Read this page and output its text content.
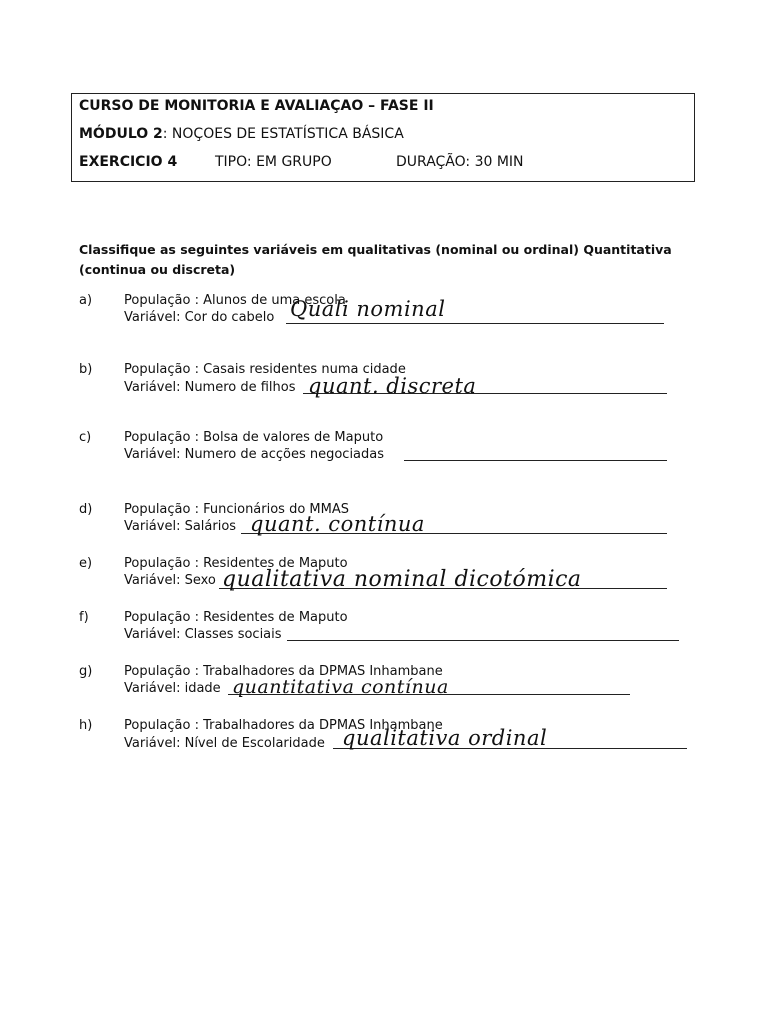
CURSO DE MONITORIA E AVALIAÇAO – FASE II
MÓDULO 2: NOÇOES DE ESTATÍSTICA BÁSICA
EXERCICIO 4	TIPO: EM GRUPO	DURAÇÃO: 30 MIN
Classifique as seguintes variáveis em qualitativas (nominal ou ordinal) Quantitativa
(continua ou discreta)
a) População : Alunos de uma escola
Variável: Cor do cabelo Quali nominal
b) População : Casais residentes numa cidade
Variável: Numero de filhos quant. discreta
c)	População : Bolsa de valores de Maputo
Variável: Numero de acções negociadas
d) População : Funcionários do MMAS
Variável: Salários quant. contínua
e) População : Residentes de Maputo
Variável: Sexo qualitativa nominal dicotómica
f)	População : Residentes de Maputo
Variável: Classes sociais
g) População : Trabalhadores da DPMAS Inhambane
Variável: idade quantitativa contínua
h) População : Trabalhadores da DPMAS Inhambane
Variável: Nível de Escolaridade qualitativa ordinal
